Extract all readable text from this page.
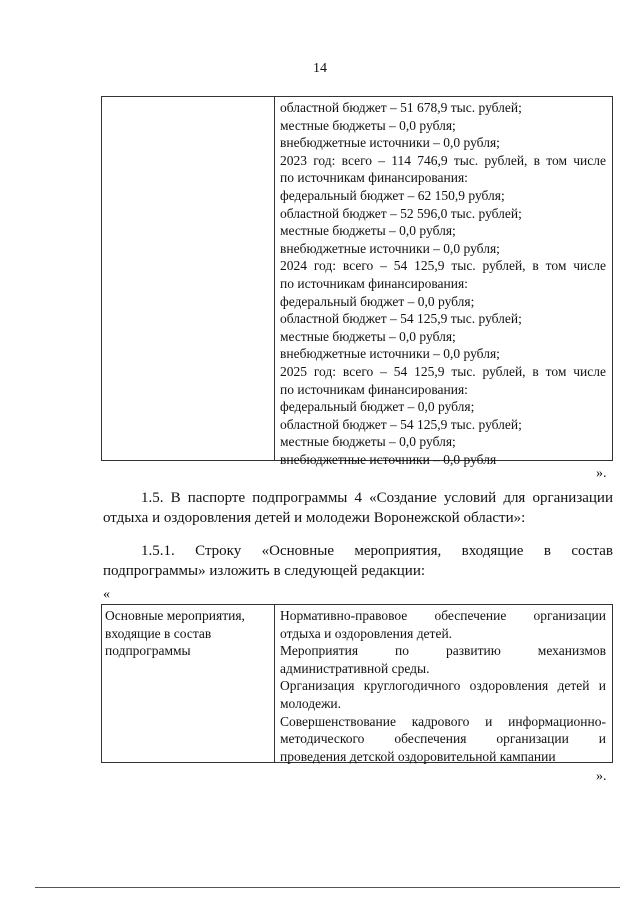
14
областной бюджет – 51 678,9 тыс. рублей;
местные бюджеты – 0,0 рубля;
внебюджетные источники – 0,0 рубля;
2023 год: всего – 114 746,9 тыс. рублей, в том числе
по источникам финансирования:
федеральный бюджет – 62 150,9 рубля;
областной бюджет – 52 596,0 тыс. рублей;
местные бюджеты – 0,0 рубля;
внебюджетные источники – 0,0 рубля;
2024 год: всего – 54 125,9 тыс. рублей, в том числе
по источникам финансирования:
федеральный бюджет – 0,0 рубля;
областной бюджет – 54 125,9 тыс. рублей;
местные бюджеты – 0,0 рубля;
внебюджетные источники – 0,0 рубля;
2025 год: всего – 54 125,9 тыс. рублей, в том числе
по источникам финансирования:
федеральный бюджет – 0,0 рубля;
областной бюджет – 54 125,9 тыс. рублей;
местные бюджеты – 0,0 рубля;
внебюджетные источники – 0,0 рубля
».
1.5. В паспорте подпрограммы 4 «Создание условий для организации отдыха и оздоровления детей и молодежи Воронежской области»:
1.5.1. Строку «Основные мероприятия, входящие в состав подпрограммы» изложить в следующей редакции:
«
Основные мероприятия,
входящие в состав
подпрограммы
Нормативно-правовое обеспечение организации
отдыха и оздоровления детей.
Мероприятия по развитию механизмов
административной среды.
Организация круглогодичного оздоровления детей и
молодежи.
Совершенствование кадрового и информационно-
методического обеспечения организации и
проведения детской оздоровительной кампании
».
